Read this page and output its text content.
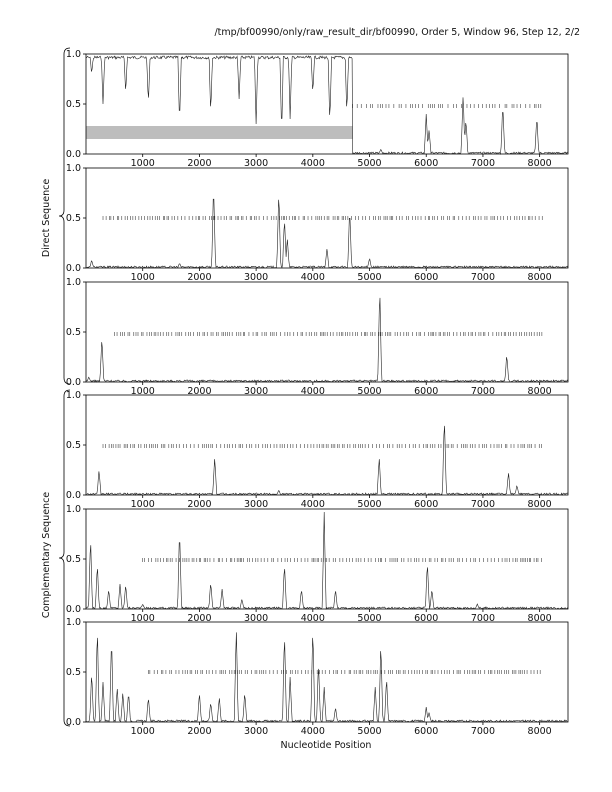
/tmp/bf00990/only/raw_result_dir/bf00990, Order 5, Window 96, Step 12, 2/2
0.0
0.5
1.0
1000	2000	3000	4000	5000	6000	7000	8000
0.0
0.5
1.0
1000	2000	3000	4000	5000	6000	7000	8000
0.0
0.5
1.0
1000	2000	3000	4000	5000	6000	7000	8000
0.0
0.5
1.0
1000	2000	3000	4000	5000	6000	7000	8000
0.0
0.5
1.0
1000	2000	3000	4000	5000	6000	7000	8000
0.0
0.5
1.0
1000	2000	3000	4000	5000	6000	7000	8000
Direct Sequence
Complementary Sequence
Nucleotide Position
